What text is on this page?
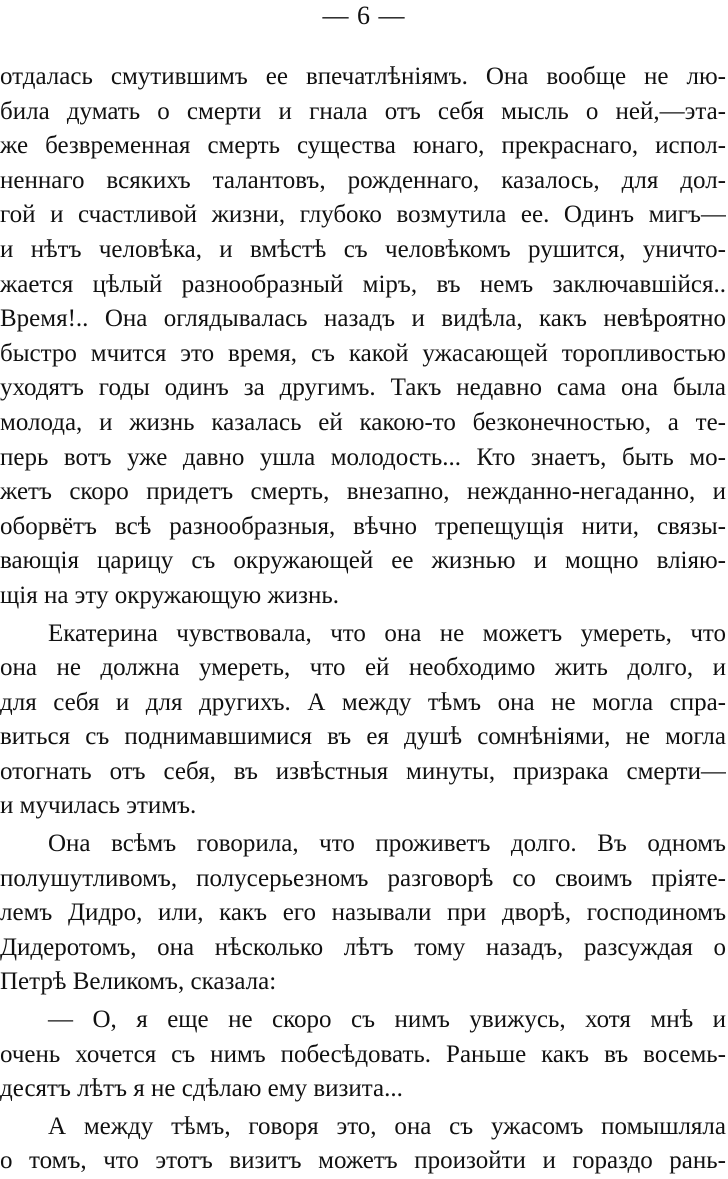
— 6 —
отдалась смутившимъ ее впечатлѣніямъ. Она вообще не лю-
била думать о смерти и гнала отъ себя мысль о ней,—эта-
же безвременная смерть существа юнаго, прекраснаго, испол-
неннаго всякихъ талантовъ, рожденнаго, казалось, для дол-
гой и счастливой жизни, глубоко возмутила ее. Одинъ мигъ—
и нѣтъ человѣка, и вмѣстѣ съ человѣкомъ рушится, уничто-
жается цѣлый разнообразный міръ, въ немъ заключавшійся..
Время!.. Она оглядывалась назадъ и видѣла, какъ невѣроятно
быстро мчится это время, съ какой ужасающей торопливостью
уходятъ годы одинъ за другимъ. Такъ недавно сама она была
молода, и жизнь казалась ей какою-то безконечностью, а те-
перь вотъ уже давно ушла молодость... Кто знаетъ, быть мо-
жетъ скоро придетъ смерть, внезапно, нежданно-негаданно, и
оборвётъ всѣ разнообразныя, вѣчно трепещущія нити, связы-
вающія царицу съ окружающей ее жизнью и мощно вліяю-
щія на эту окружающую жизнь.
Екатерина чувствовала, что она не можетъ умереть, что
она не должна умереть, что ей необходимо жить долго, и
для себя и для другихъ. А между тѣмъ она не могла спра-
виться съ поднимавшимися въ ея душѣ сомнѣніями, не могла
отогнать отъ себя, въ извѣстныя минуты, призрака смерти—
и мучилась этимъ.
Она всѣмъ говорила, что проживетъ долго. Въ одномъ
полушутливомъ, полусерьезномъ разговорѣ со своимъ пріяте-
лемъ Дидро, или, какъ его называли при дворѣ, господиномъ
Дидеротомъ, она нѣсколько лѣтъ тому назадъ, разсуждая о
Петрѣ Великомъ, сказала:
— О, я еще не скоро съ нимъ увижусь, хотя мнѣ и
очень хочется съ нимъ побесѣдовать. Раньше какъ въ восемь-
десятъ лѣтъ я не сдѣлаю ему визита...
А между тѣмъ, говоря это, она съ ужасомъ помышляла
о томъ, что этотъ визитъ можетъ произойти и гораздо рань-
